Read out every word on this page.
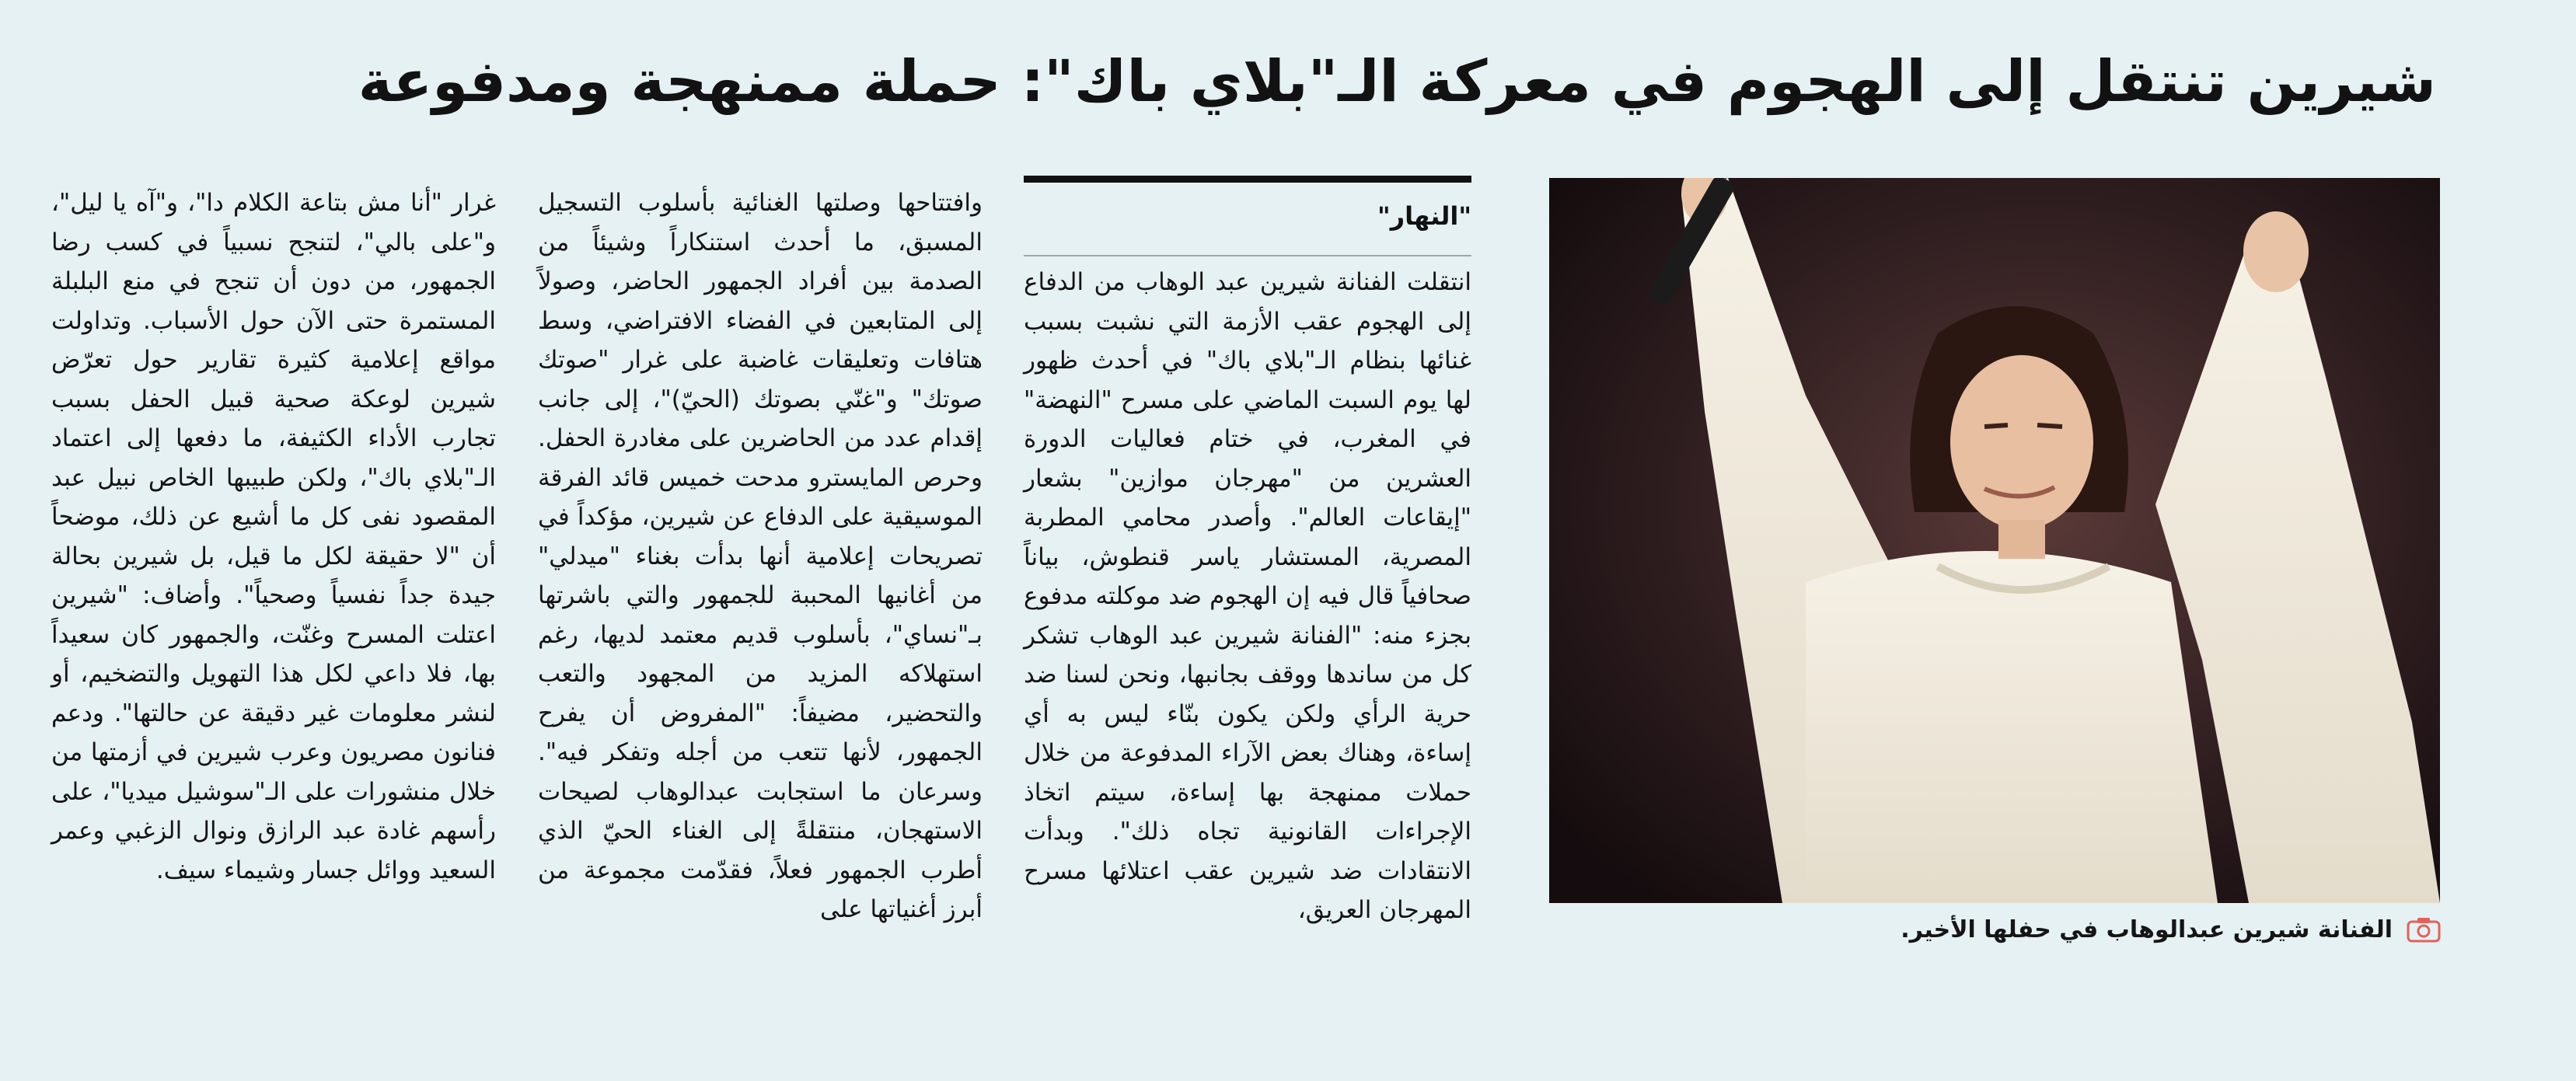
شيرين تنتقل إلى الهجوم في معركة الـ"بلاي باك": حملة ممنهجة ومدفوعة
الفنانة شيرين عبدالوهاب في حفلها الأخير.
"النهار"
انتقلت الفنانة شيرين عبد الوهاب من الدفاع إلى الهجوم عقب الأزمة التي نشبت بسبب غنائها بنظام الـ"بلاي باك" في أحدث ظهور لها يوم السبت الماضي على مسرح "النهضة" في المغرب، في ختام فعاليات الدورة العشرين من "مهرجان موازين" بشعار "إيقاعات العالم". وأصدر محامي المطربة المصرية، المستشار ياسر قنطوش، بياناً صحافياً قال فيه إن الهجوم ضد موكلته مدفوع بجزء منه: "الفنانة شيرين عبد الوهاب تشكر كل من ساندها ووقف بجانبها، ونحن لسنا ضد حرية الرأي ولكن يكون بنّاء ليس به أي إساءة، وهناك بعض الآراء المدفوعة من خلال حملات ممنهجة بها إساءة، سيتم اتخاذ الإجراءات القانونية تجاه ذلك". وبدأت الانتقادات ضد شيرين عقب اعتلائها مسرح المهرجان العريق،
وافتتاحها وصلتها الغنائية بأسلوب التسجيل المسبق، ما أحدث استنكاراً وشيئاً من الصدمة بين أفراد الجمهور الحاضر، وصولاً إلى المتابعين في الفضاء الافتراضي، وسط هتافات وتعليقات غاضبة على غرار "صوتك صوتك" و"غنّي بصوتك (الحيّ)"، إلى جانب إقدام عدد من الحاضرين على مغادرة الحفل. وحرص المايسترو مدحت خميس قائد الفرقة الموسيقية على الدفاع عن شيرين، مؤكداً في تصريحات إعلامية أنها بدأت بغناء "ميدلي" من أغانيها المحببة للجمهور والتي باشرتها بـ"نساي"، بأسلوب قديم معتمد لديها، رغم استهلاكه المزيد من المجهود والتعب والتحضير، مضيفاً: "المفروض أن يفرح الجمهور، لأنها تتعب من أجله وتفكر فيه". وسرعان ما استجابت عبدالوهاب لصيحات الاستهجان، منتقلةً إلى الغناء الحيّ الذي أطرب الجمهور فعلاً، فقدّمت مجموعة من أبرز أغنياتها على
غرار "أنا مش بتاعة الكلام دا"، و"آه يا ليل"، و"على بالي"، لتنجح نسبياً في كسب رضا الجمهور، من دون أن تنجح في منع البلبلة المستمرة حتى الآن حول الأسباب. وتداولت مواقع إعلامية كثيرة تقارير حول تعرّض شيرين لوعكة صحية قبيل الحفل بسبب تجارب الأداء الكثيفة، ما دفعها إلى اعتماد الـ"بلاي باك"، ولكن طبيبها الخاص نبيل عبد المقصود نفى كل ما أشيع عن ذلك، موضحاً أن "لا حقيقة لكل ما قيل، بل شيرين بحالة جيدة جداً نفسياً وصحياً". وأضاف: "شيرين اعتلت المسرح وغنّت، والجمهور كان سعيداً بها، فلا داعي لكل هذا التهويل والتضخيم، أو لنشر معلومات غير دقيقة عن حالتها". ودعم فنانون مصريون وعرب شيرين في أزمتها من خلال منشورات على الـ"سوشيل ميديا"، على رأسهم غادة عبد الرازق ونوال الزغبي وعمر السعيد ووائل جسار وشيماء سيف.
